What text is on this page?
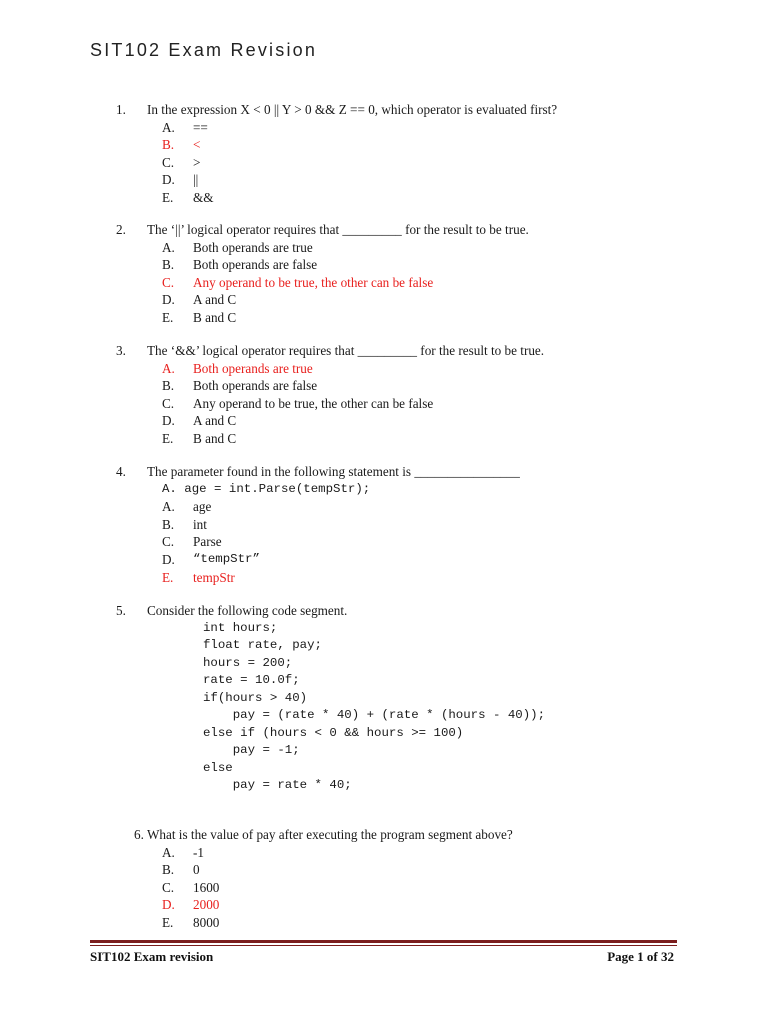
SIT102 Exam Revision
1. In the expression X < 0 || Y > 0 && Z == 0, which operator is evaluated first?
A. ==
B. <
C. >
D. ||
E. &&
2. The ‘||’ logical operator requires that _________ for the result to be true.
A. Both operands are true
B. Both operands are false
C. Any operand to be true, the other can be false
D. A and C
E. B and C
3. The ‘&&’ logical operator requires that _________ for the result to be true.
A. Both operands are true
B. Both operands are false
C. Any operand to be true, the other can be false
D. A and C
E. B and C
4. The parameter found in the following statement is ________________
A. age = int.Parse(tempStr);
A. age
B. int
C. Parse
D. “tempStr”
E. tempStr
5. Consider the following code segment.
int hours;
float rate, pay;
hours = 200;
rate = 10.0f;
if(hours > 40)
pay = (rate * 40) + (rate * (hours - 40));
else if (hours < 0 && hours >= 100)
pay = -1;
else
pay = rate * 40;
6. What is the value of pay after executing the program segment above?
A. -1
B. 0
C. 1600
D. 2000
E. 8000
SIT102 Exam revision	Page 1 of 32
